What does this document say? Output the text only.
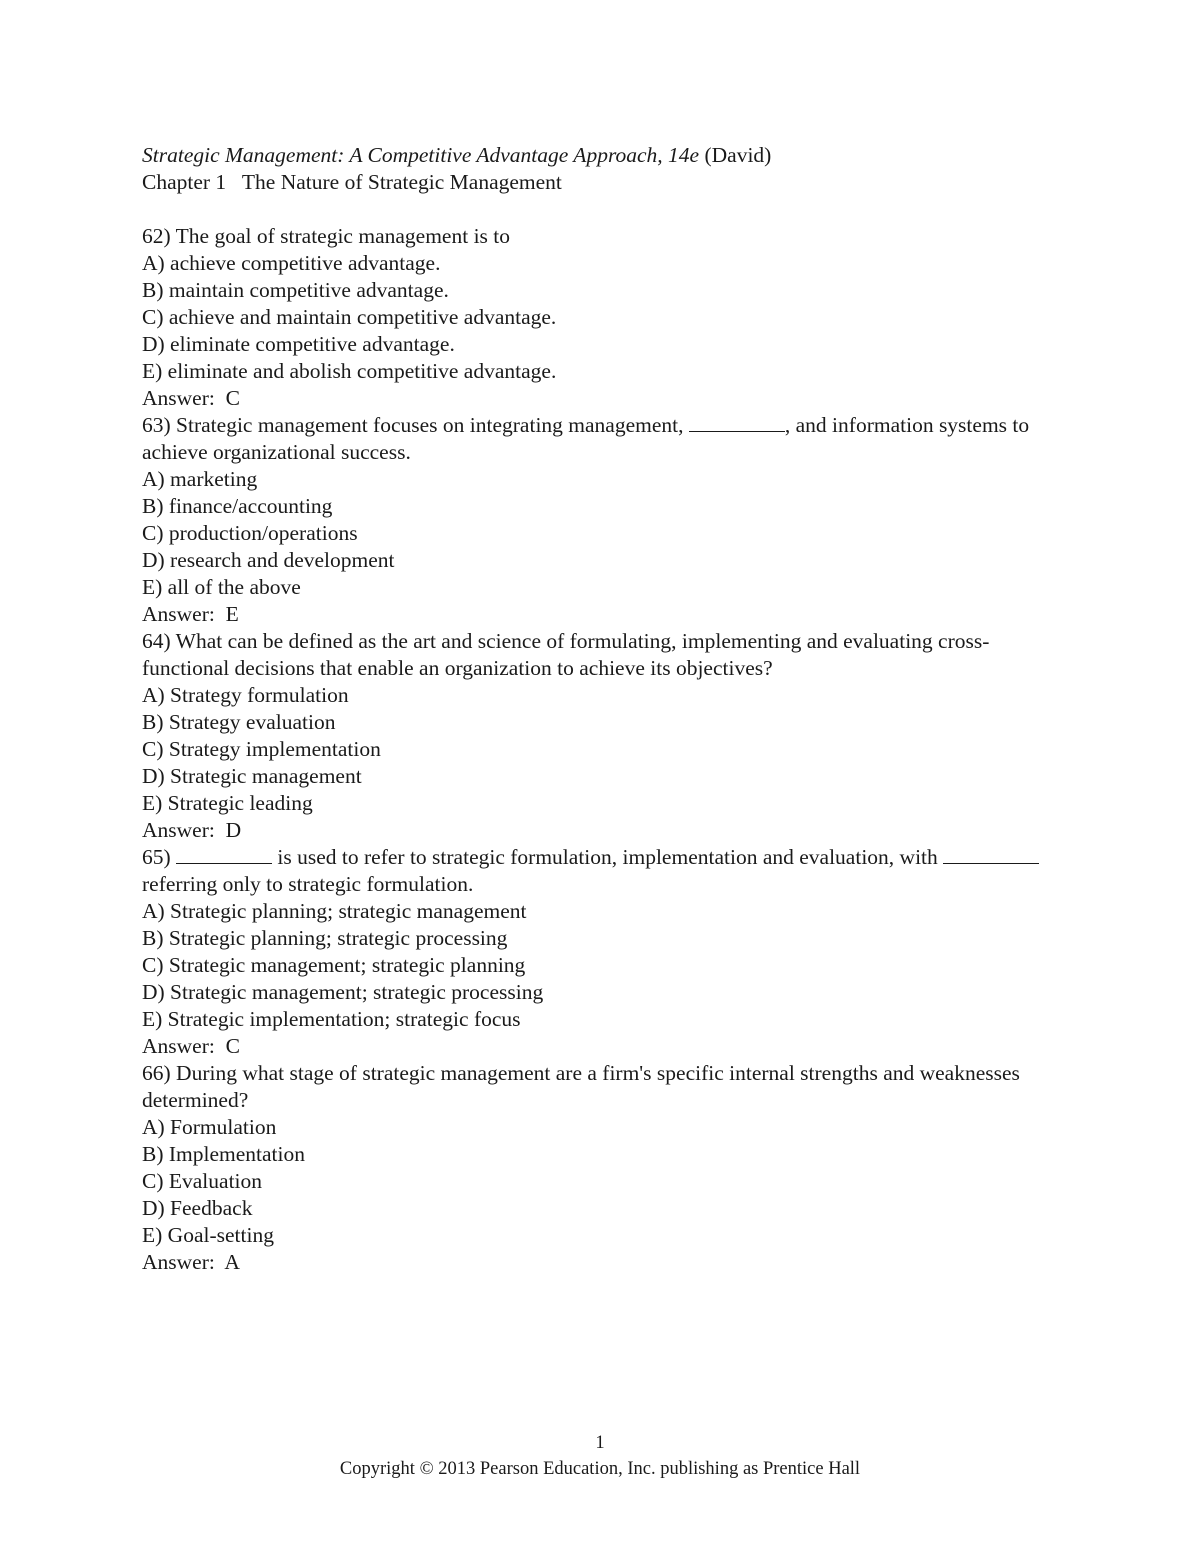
Strategic Management: A Competitive Advantage Approach, 14e (David)
Chapter 1   The Nature of Strategic Management
62) The goal of strategic management is to
A) achieve competitive advantage.
B) maintain competitive advantage.
C) achieve and maintain competitive advantage.
D) eliminate competitive advantage.
E) eliminate and abolish competitive advantage.
Answer:  C
63) Strategic management focuses on integrating management,	, and information systems to achieve organizational success.
A) marketing
B) finance/accounting
C) production/operations
D) research and development
E) all of the above
Answer:  E
64) What can be defined as the art and science of formulating, implementing and evaluating cross-functional decisions that enable an organization to achieve its objectives?
A) Strategy formulation
B) Strategy evaluation
C) Strategy implementation
D) Strategic management
E) Strategic leading
Answer:  D
65)	is used to refer to strategic formulation, implementation and evaluation, with  referring only to strategic formulation.
A) Strategic planning; strategic management
B) Strategic planning; strategic processing
C) Strategic management; strategic planning
D) Strategic management; strategic processing
E) Strategic implementation; strategic focus
Answer:  C
66) During what stage of strategic management are a firm's specific internal strengths and weaknesses determined?
A) Formulation
B) Implementation
C) Evaluation
D) Feedback
E) Goal-setting
Answer:  A
1
Copyright © 2013 Pearson Education, Inc. publishing as Prentice Hall
